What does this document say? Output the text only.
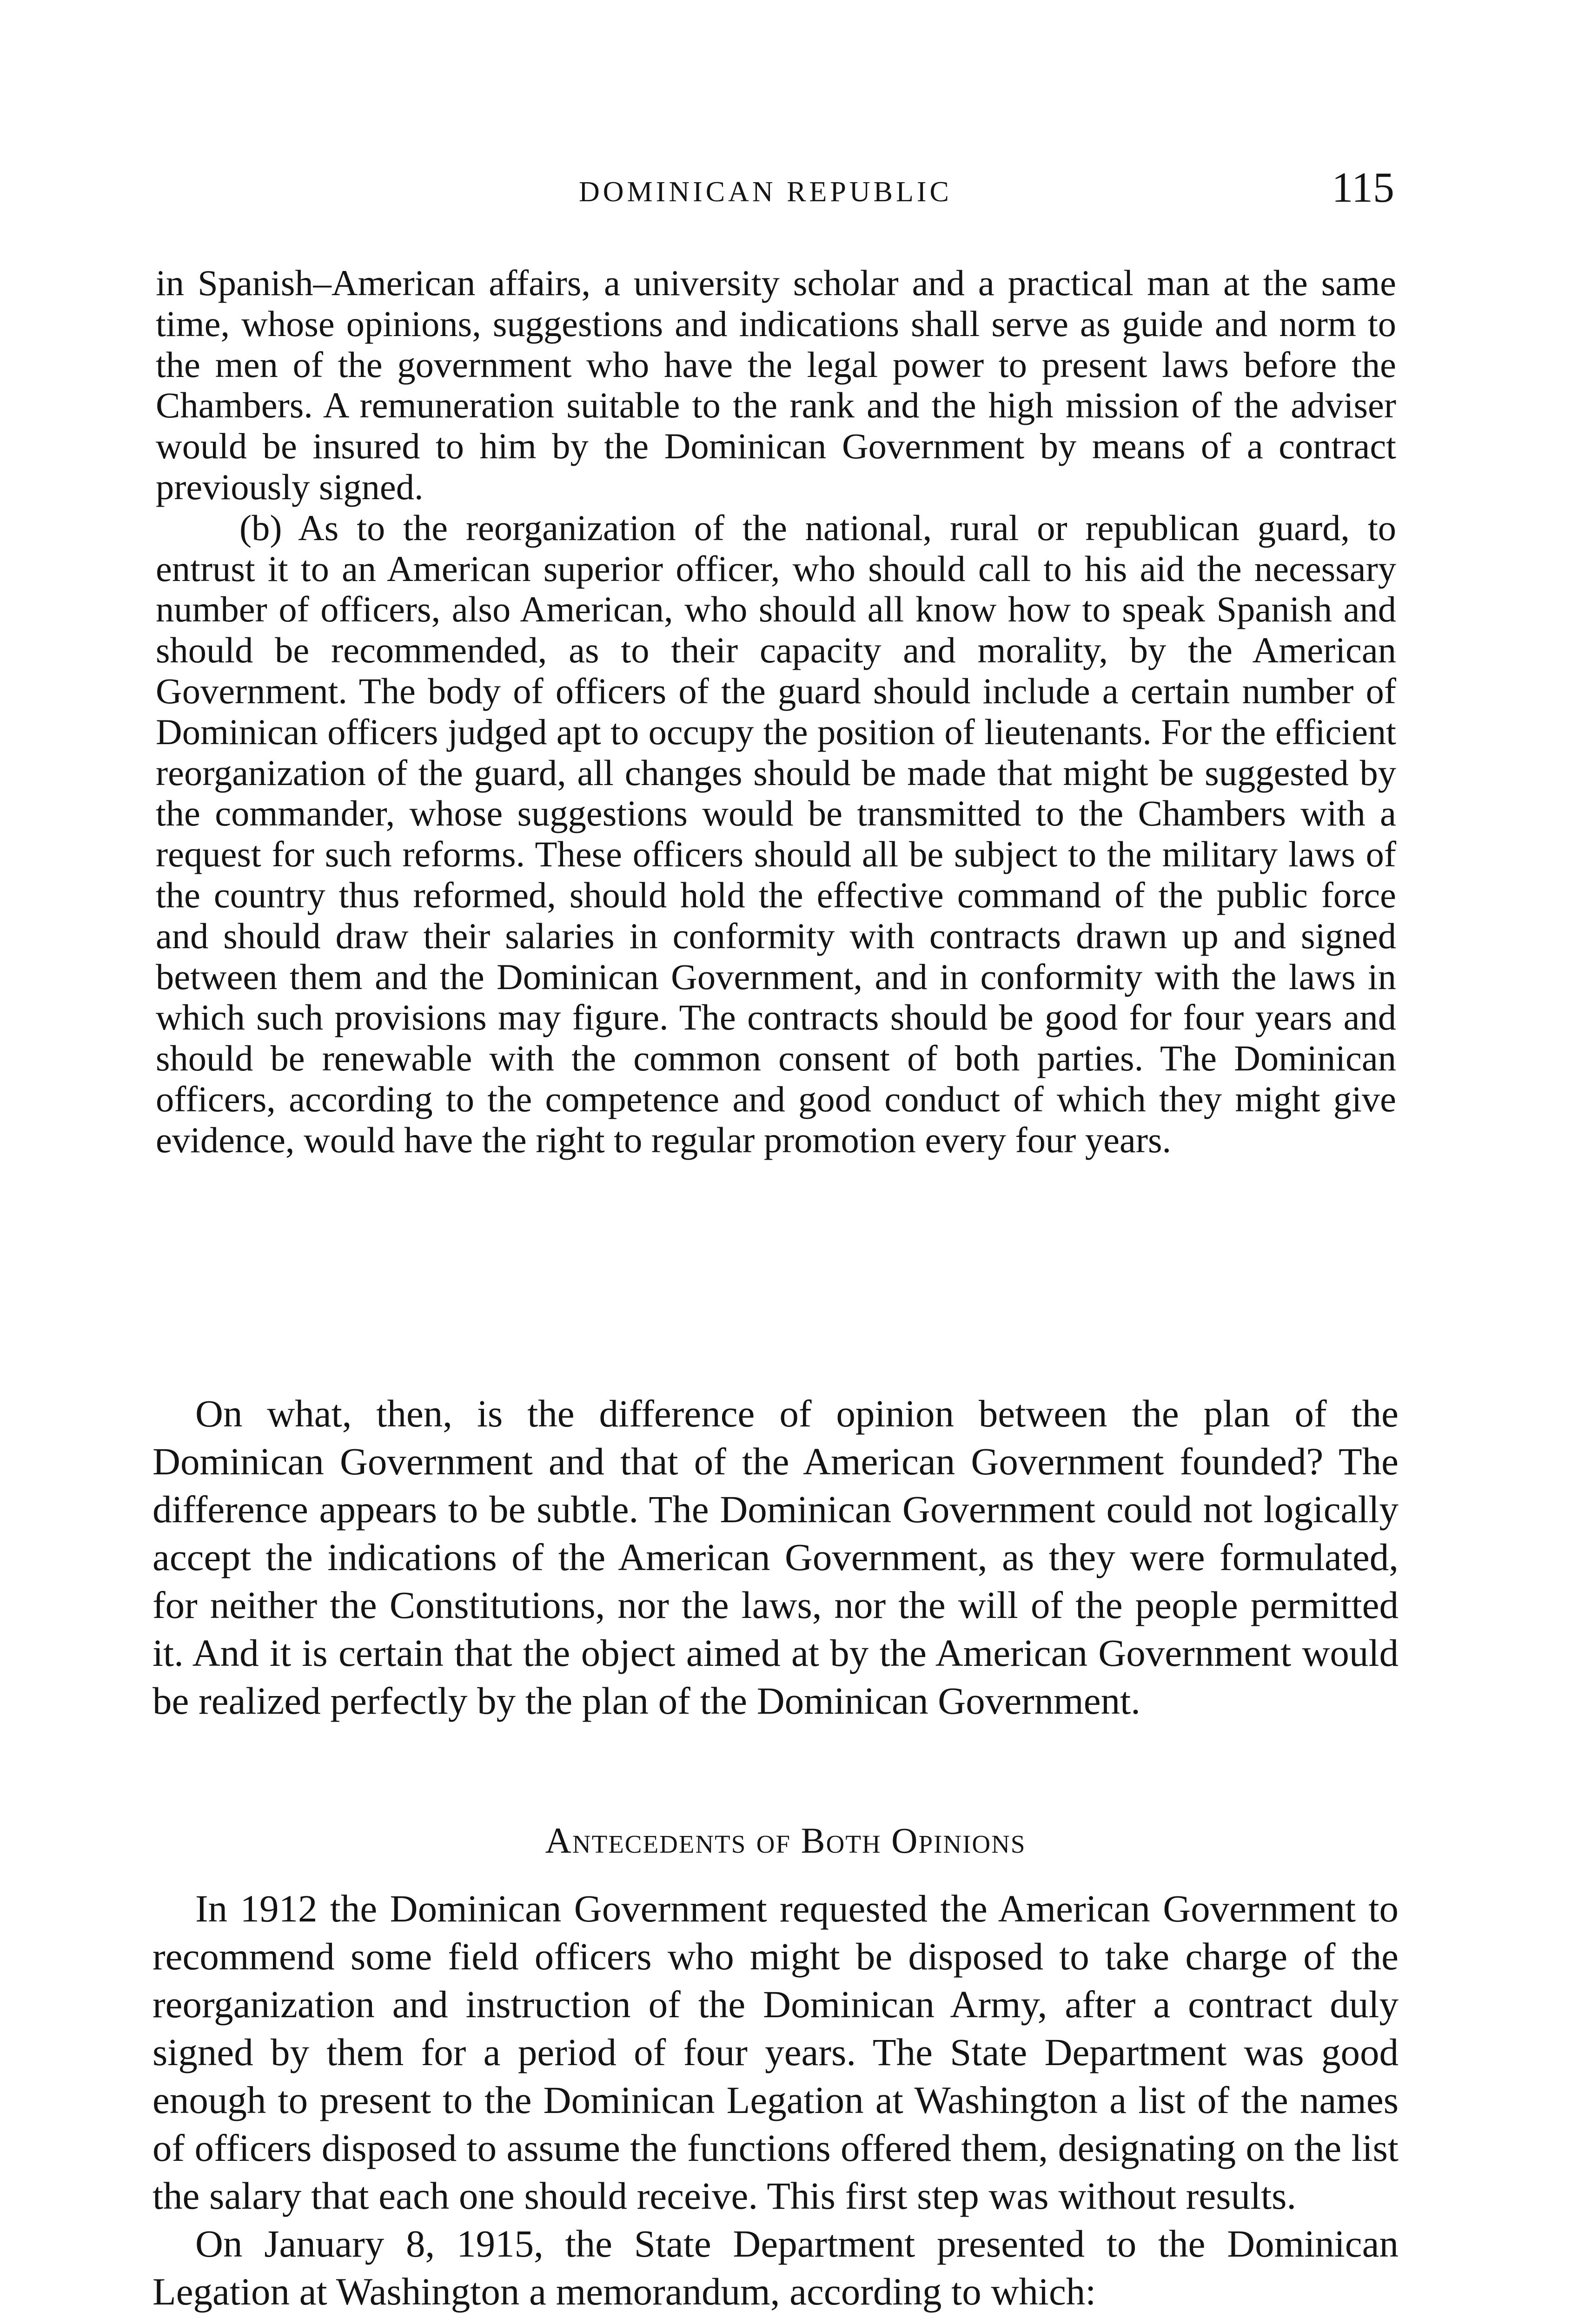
DOMINICAN REPUBLIC	115

in Spanish–American affairs, a university scholar and a practical man at the same time, whose opinions, suggestions and indications shall serve as guide and norm to the men of the government who have the legal power to present laws before the Chambers. A remuneration suitable to the rank and the high mission of the adviser would be insured to him by the Dominican Government by means of a contract previously signed.

(b) As to the reorganization of the national, rural or republican guard, to entrust it to an American superior officer, who should call to his aid the necessary number of officers, also American, who should all know how to speak Spanish and should be recommended, as to their capacity and morality, by the American Government. The body of officers of the guard should include a certain number of Dominican officers judged apt to occupy the position of lieutenants. For the efficient reorganization of the guard, all changes should be made that might be suggested by the commander, whose suggestions would be transmitted to the Chambers with a request for such reforms. These officers should all be subject to the military laws of the country thus reformed, should hold the effective command of the public force and should draw their salaries in conformity with contracts drawn up and signed between them and the Dominican Government, and in conformity with the laws in which such provisions may figure. The contracts should be good for four years and should be renewable with the common consent of both parties. The Dominican officers, according to the competence and good conduct of which they might give evidence, would have the right to regular promotion every four years.

On what, then, is the difference of opinion between the plan of the Dominican Government and that of the American Government founded? The difference appears to be subtle. The Dominican Government could not logically accept the indications of the American Government, as they were formulated, for neither the Constitutions, nor the laws, nor the will of the people permitted it. And it is certain that the object aimed at by the American Government would be realized perfectly by the plan of the Dominican Government.

Antecedents of Both Opinions

In 1912 the Dominican Government requested the American Government to recommend some field officers who might be disposed to take charge of the reorganization and instruction of the Dominican Army, after a contract duly signed by them for a period of four years. The State Department was good enough to present to the Dominican Legation at Washington a list of the names of officers disposed to assume the functions offered them, designating on the list the salary that each one should receive. This first step was without results.

On January 8, 1915, the State Department presented to the Dominican Legation at Washington a memorandum, according to which:
